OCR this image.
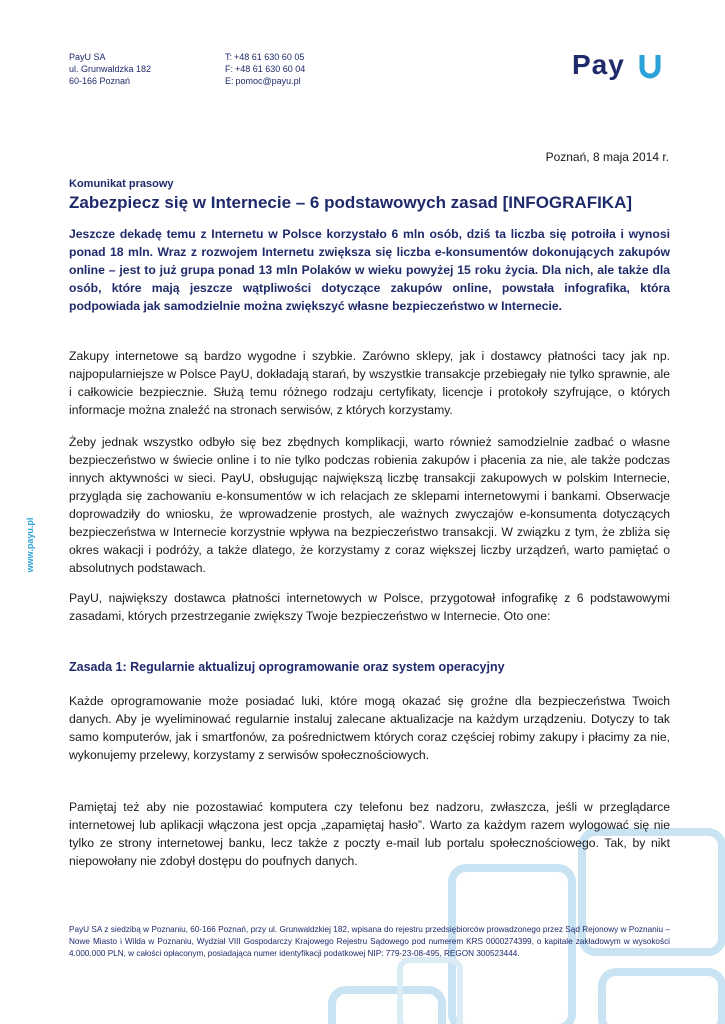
PayU SA
ul. Grunwaldzka 182
60-166 Poznań
T: +48 61 630 60 05
F: +48 61 630 60 04
E: pomoc@payu.pl
Pay
www.payu.pl
Poznań, 8 maja 2014 r.
Komunikat prasowy
Zabezpiecz się w Internecie – 6 podstawowych zasad [INFOGRAFIKA]

Jeszcze dekadę temu z Internetu w Polsce korzystało 6 mln osób, dziś ta liczba się potroiła i wynosi ponad 18 mln. Wraz z rozwojem Internetu zwiększa się liczba e-konsumentów dokonujących zakupów online – jest to już grupa ponad 13 mln Polaków w wieku powyżej 15 roku życia. Dla nich, ale także dla osób, które mają jeszcze wątpliwości dotyczące zakupów online, powstała infografika, która podpowiada jak samodzielnie można zwiększyć własne bezpieczeństwo w Internecie.

Zakupy internetowe są bardzo wygodne i szybkie. Zarówno sklepy, jak i dostawcy płatności tacy jak np. najpopularniejsze w Polsce PayU, dokładają starań, by wszystkie transakcje przebiegały nie tylko sprawnie, ale i całkowicie bezpiecznie. Służą temu różnego rodzaju certyfikaty, licencje i protokoły szyfrujące, o których informacje można znaleźć na stronach serwisów, z których korzystamy.

Żeby jednak wszystko odbyło się bez zbędnych komplikacji, warto również samodzielnie zadbać o własne bezpieczeństwo w świecie online i to nie tylko podczas robienia zakupów i płacenia za nie, ale także podczas innych aktywności w sieci. PayU, obsługując największą liczbę transakcji zakupowych w polskim Internecie, przygląda się zachowaniu e-konsumentów w ich relacjach ze sklepami internetowymi i bankami. Obserwacje doprowadziły do wniosku, że wprowadzenie prostych, ale ważnych zwyczajów e-konsumenta dotyczących bezpieczeństwa w Internecie korzystnie wpływa na bezpieczeństwo transakcji. W związku z tym, że zbliża się okres wakacji i podróży, a także dlatego, że korzystamy z coraz większej liczby urządzeń, warto pamiętać o absolutnych podstawach.

PayU, największy dostawca płatności internetowych w Polsce, przygotował infografikę z 6 podstawowymi zasadami, których przestrzeganie zwiększy Twoje bezpieczeństwo w Internecie. Oto one:

Zasada 1: Regularnie aktualizuj oprogramowanie oraz system operacyjny

Każde oprogramowanie może posiadać luki, które mogą okazać się groźne dla bezpieczeństwa Twoich danych. Aby je wyeliminować regularnie instaluj zalecane aktualizacje na każdym urządzeniu. Dotyczy to tak samo komputerów, jak i smartfonów, za pośrednictwem których coraz częściej robimy zakupy i płacimy za nie, wykonujemy przelewy, korzystamy z serwisów społecznościowych.

Pamiętaj też aby nie pozostawiać komputera czy telefonu bez nadzoru, zwłaszcza, jeśli w przeglądarce internetowej lub aplikacji włączona jest opcja „zapamiętaj hasło”. Warto za każdym razem wylogować się nie tylko ze strony internetowej banku, lecz także z poczty e-mail lub portalu społecznościowego. Tak, by nikt niepowołany nie zdobył dostępu do poufnych danych.

PayU SA z siedzibą w Poznaniu, 60-166 Poznań, przy ul. Grunwaldzkiej 182, wpisana do rejestru przedsiębiorców prowadzonego przez Sąd Rejonowy w Poznaniu – Nowe Miasto i Wilda w Poznaniu, Wydział VIII Gospodarczy Krajowego Rejestru Sądowego pod numerem KRS 0000274399, o kapitale zakładowym w wysokości 4.000.000 PLN, w całości opłaconym, posiadająca numer identyfikacji podatkowej NIP: 779-23-08-495, REGON 300523444.
